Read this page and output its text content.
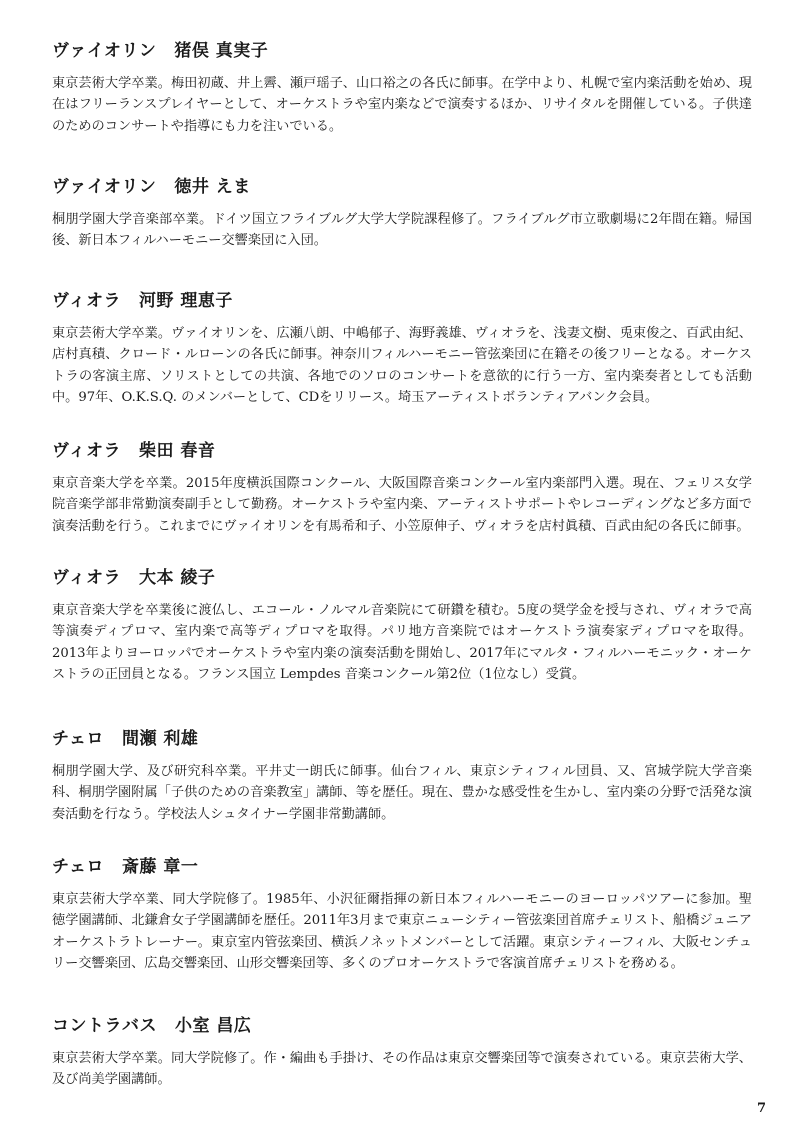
ヴァイオリン 猪俣 真実子
東京芸術大学卒業。梅田初蔵、井上霽、瀬戸瑶子、山口裕之の各氏に師事。在学中より、札幌で室内楽活動を始め、現在はフリーランスプレイヤーとして、オーケストラや室内楽などで演奏するほか、リサイタルを開催している。子供達のためのコンサートや指導にも力を注いでいる。
ヴァイオリン 徳井 えま
桐朋学園大学音楽部卒業。ドイツ国立フライブルグ大学大学院課程修了。フライブルグ市立歌劇場に2年間在籍。帰国後、新日本フィルハーモニー交響楽団に入団。
ヴィオラ 河野 理恵子
東京芸術大学卒業。ヴァイオリンを、広瀬八朗、中嶋郁子、海野義雄、ヴィオラを、浅妻文樹、兎束俊之、百武由紀、店村真積、クロード・ルローンの各氏に師事。神奈川フィルハーモニー管弦楽団に在籍その後フリーとなる。オーケストラの客演主席、ソリストとしての共演、各地でのソロのコンサートを意欲的に行う一方、室内楽奏者としても活動中。97年、O.K.S.Q. のメンバーとして、CDをリリース。埼玉アーティストボランティアバンク会員。
ヴィオラ 柴田 春音
東京音楽大学を卒業。2015年度横浜国際コンクール、大阪国際音楽コンクール室内楽部門入選。現在、フェリス女学院音楽学部非常勤演奏副手として勤務。オーケストラや室内楽、アーティストサポートやレコーディングなど多方面で演奏活動を行う。これまでにヴァイオリンを有馬希和子、小笠原伸子、ヴィオラを店村眞積、百武由紀の各氏に師事。
ヴィオラ 大本 綾子
東京音楽大学を卒業後に渡仏し、エコール・ノルマル音楽院にて研鑽を積む。5度の奨学金を授与され、ヴィオラで高等演奏ディプロマ、室内楽で高等ディプロマを取得。パリ地方音楽院ではオーケストラ演奏家ディプロマを取得。2013年よりヨーロッパでオーケストラや室内楽の演奏活動を開始し、2017年にマルタ・フィルハーモニック・オーケストラの正団員となる。フランス国立 Lempdes 音楽コンクール第2位（1位なし）受賞。
チェロ 間瀬 利雄
桐朋学園大学、及び研究科卒業。平井丈一朗氏に師事。仙台フィル、東京シティフィル団員、又、宮城学院大学音楽科、桐朋学園附属「子供のための音楽教室」講師、等を歴任。現在、豊かな感受性を生かし、室内楽の分野で活発な演奏活動を行なう。学校法人シュタイナー学園非常勤講師。
チェロ 斎藤 章一
東京芸術大学卒業、同大学院修了。1985年、小沢征爾指揮の新日本フィルハーモニーのヨーロッパツアーに参加。聖徳学園講師、北鎌倉女子学園講師を歴任。2011年3月まで東京ニューシティー管弦楽団首席チェリスト、船橋ジュニアオーケストラトレーナー。東京室内管弦楽団、横浜ノネットメンバーとして活躍。東京シティーフィル、大阪センチュリー交響楽団、広島交響楽団、山形交響楽団等、多くのプロオーケストラで客演首席チェリストを務める。
コントラバス 小室 昌広
東京芸術大学卒業。同大学院修了。作・編曲も手掛け、その作品は東京交響楽団等で演奏されている。東京芸術大学、及び尚美学園講師。
7
